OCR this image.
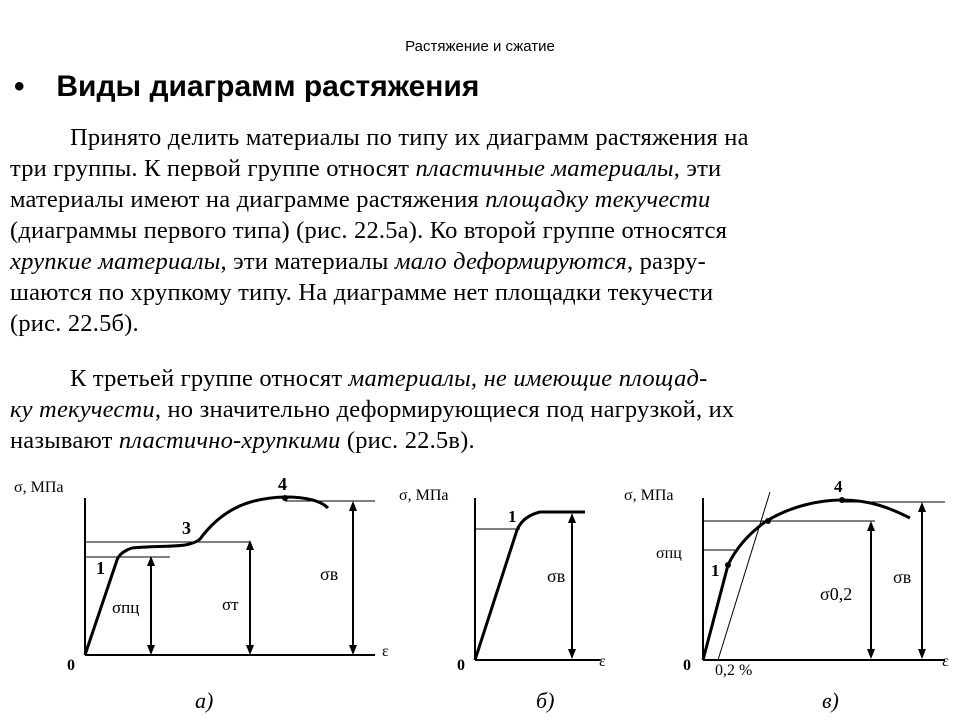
Растяжение и сжатие
• Виды диаграмм растяжения
Принято делить материалы по типу их диаграмм растяжения на
три группы. К первой группе относят пластичные материалы, эти
материалы имеют на диаграмме растяжения площадку текучести
(диаграммы первого типа) (рис. 22.5а). Ко второй группе относятся
хрупкие материалы, эти материалы мало деформируются, разру-
шаются по хрупкому типу. На диаграмме нет площадки текучести
(рис. 22.5б).
К третьей группе относят материалы, не имеющие площад-
ку текучести, но значительно деформирующиеся под нагрузкой, их
называют пластично-хрупкими (рис. 22.5в).
σ, МПа
ε
0
1
3
4
σпц	σт
σв
σ, МПа
ε
0
1
σв
σ, МПа
ε
0
1
4
σпц
σ0,2
σв
0,2 %
а)	б)	в)
